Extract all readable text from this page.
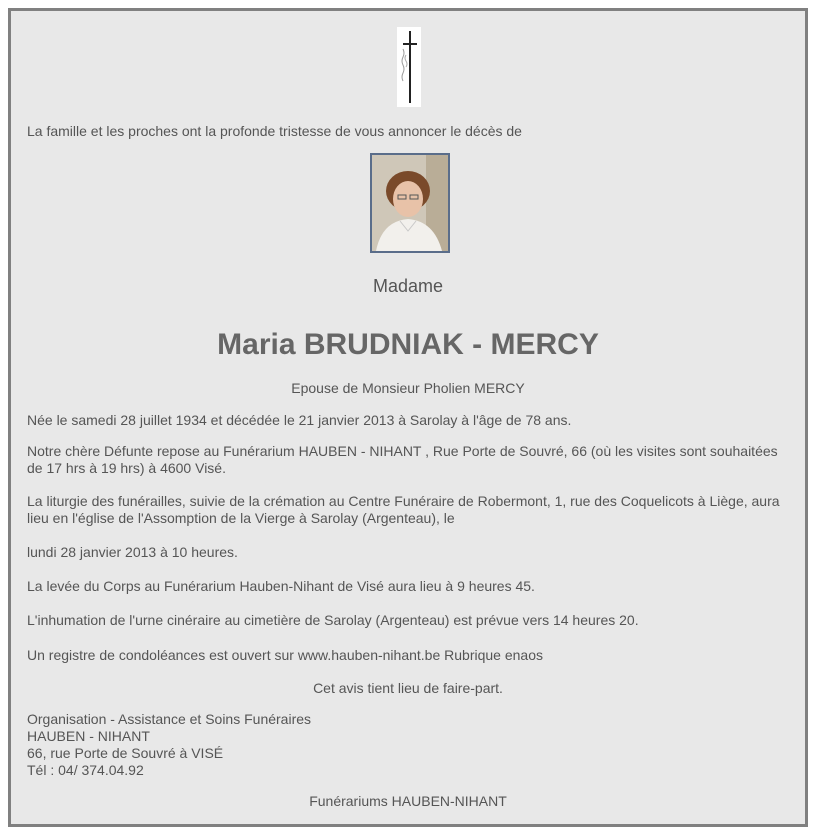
La famille et les proches ont la profonde tristesse de vous annoncer le décès de

Madame
Maria BRUDNIAK - MERCY
Epouse de Monsieur Pholien MERCY

Née le samedi 28 juillet 1934 et décédée le 21 janvier 2013 à Sarolay à l'âge de 78 ans.

Notre chère Défunte repose au Funérarium HAUBEN - NIHANT , Rue Porte de Souvré, 66 (où les visites sont souhaitées de 17 hrs à 19 hrs) à 4600 Visé.

La liturgie des funérailles, suivie de la crémation au Centre Funéraire de Robermont, 1, rue des Coquelicots à Liège, aura lieu en l'église de l'Assomption de la Vierge à Sarolay (Argenteau), le

lundi 28 janvier 2013 à 10 heures.

La levée du Corps au Funérarium Hauben-Nihant de Visé aura lieu à 9 heures 45.

L'inhumation de l'urne cinéraire au cimetière de Sarolay (Argenteau) est prévue vers 14 heures 20.

Un registre de condoléances est ouvert sur www.hauben-nihant.be Rubrique enaos

Cet avis tient lieu de faire-part.
Organisation - Assistance et Soins Funéraires
HAUBEN - NIHANT
66, rue Porte de Souvré à VISÉ
Tél : 04/ 374.04.92
Funérariums HAUBEN-NIHANT
